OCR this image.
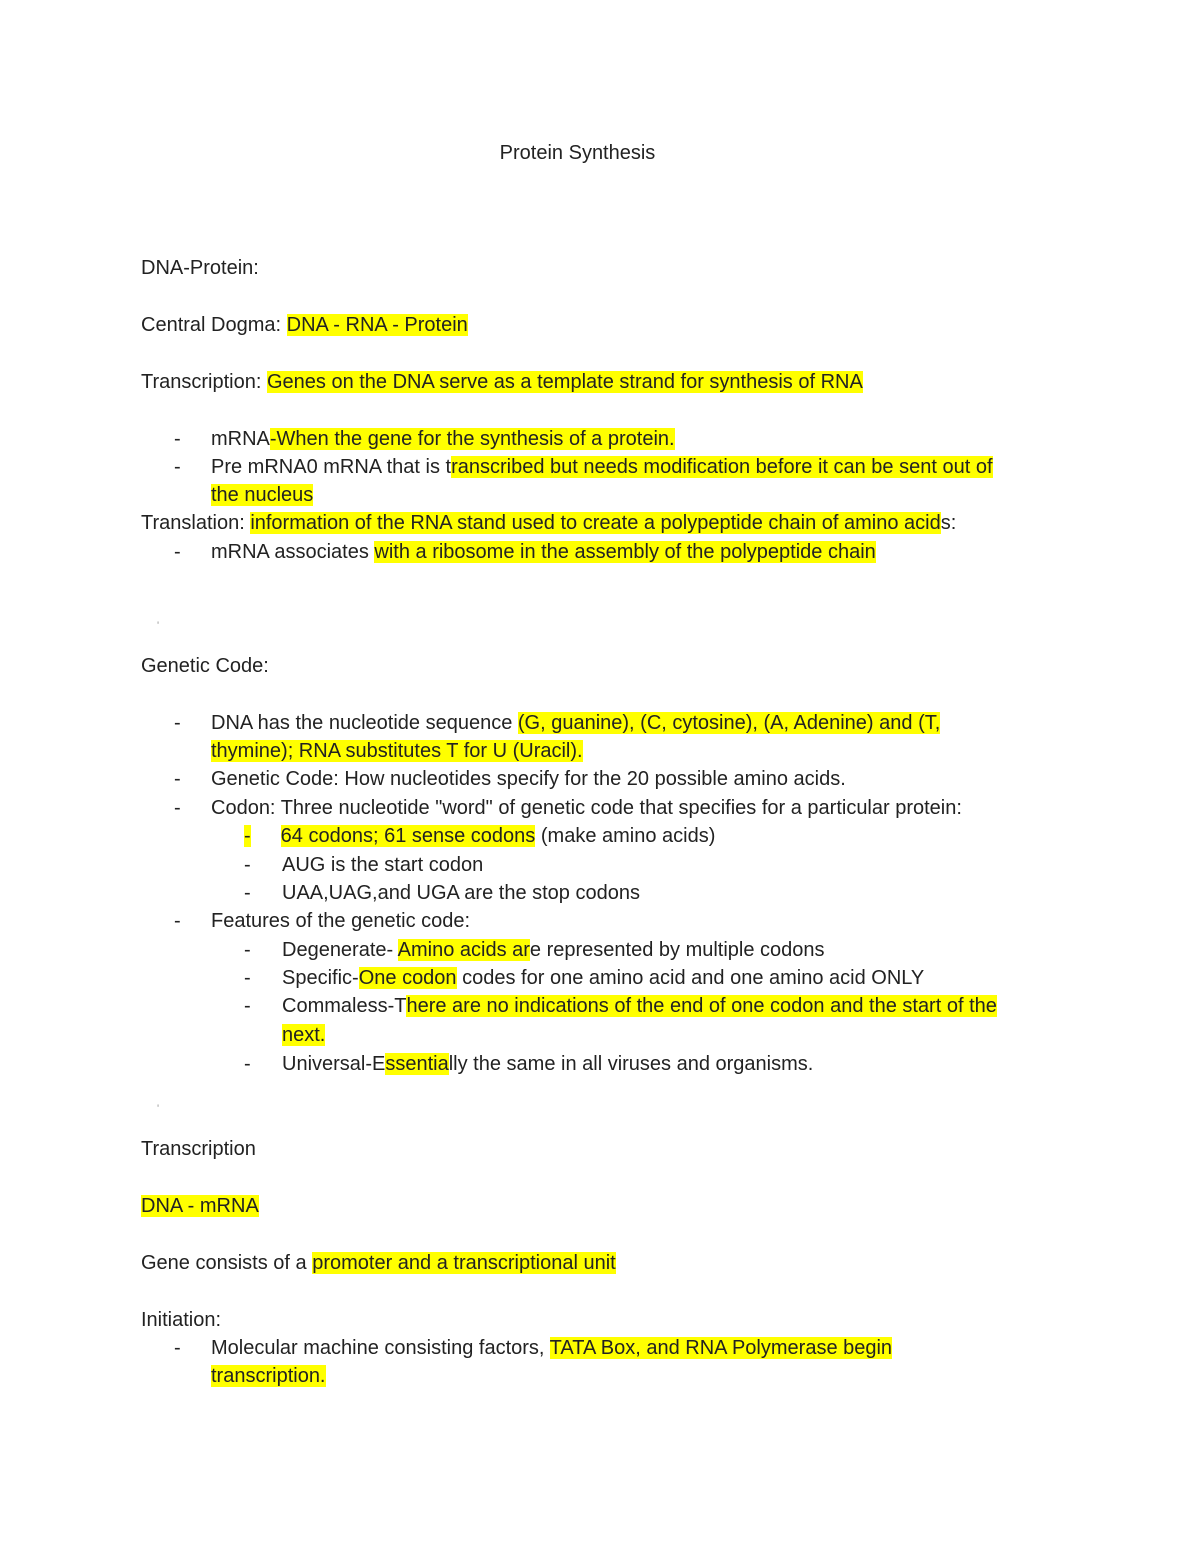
Protein Synthesis
DNA-Protein:
Central Dogma: DNA - RNA - Protein
Transcription: Genes on the DNA serve as a template strand for synthesis of RNA
- mRNA-When the gene for the synthesis of a protein.
- Pre mRNA0 mRNA that is transcribed but needs modification before it can be sent out of
the nucleus
Translation: information of the RNA stand used to create a polypeptide chain of amino acids:
- mRNA associates with a ribosome in the assembly of the polypeptide chain
'
Genetic Code:
- DNA has the nucleotide sequence (G, guanine), (C, cytosine), (A, Adenine) and (T,
thymine); RNA substitutes T for U (Uracil).
- Genetic Code: How nucleotides specify for the 20 possible amino acids.
- Codon: Three nucleotide "word" of genetic code that specifies for a particular protein:
- 64 codons; 61 sense codons (make amino acids)
- AUG is the start codon
- UAA,UAG,and UGA are the stop codons
- Features of the genetic code:
- Degenerate- Amino acids are represented by multiple codons
- Specific-One codon codes for one amino acid and one amino acid ONLY
- Commaless-There are no indications of the end of one codon and the start of the
next.
- Universal-Essentially the same in all viruses and organisms.
'
Transcription
DNA - mRNA
Gene consists of a promoter and a transcriptional unit
Initiation:
- Molecular machine consisting factors, TATA Box, and RNA Polymerase begin
transcription.
